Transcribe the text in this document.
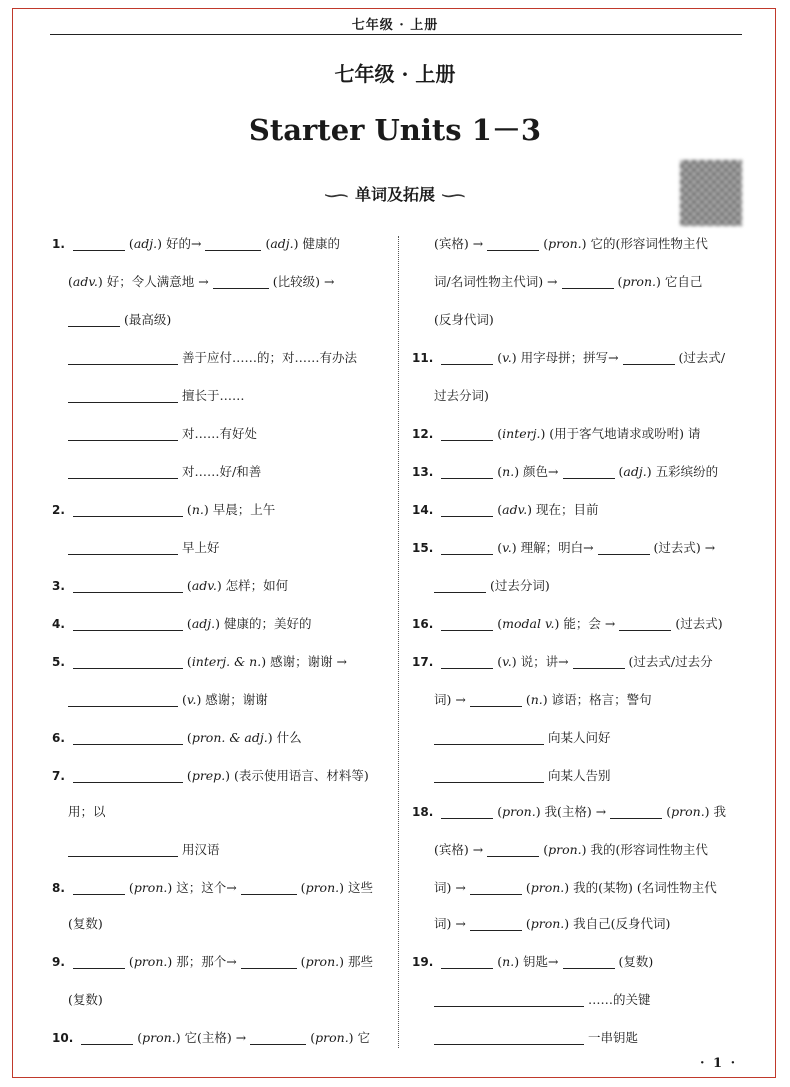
七年级 · 上册
七年级 · 上册
Starter Units 1－3
∽ 单词及拓展 ∽
1.	(adj.) 好的→	(adj.) 健康的
(adv.) 好；令人满意地 →	(比较级) →
(最高级)
善于应付……的；对……有办法
擅长于……
对……有好处
对……好/和善
2.	(n.) 早晨；上午
早上好
3.	(adv.) 怎样；如何
4.	(adj.) 健康的；美好的
5.	(interj. & n.) 感谢；谢谢 →
(v.) 感谢；谢谢
6.	(pron. & adj.) 什么
7.	(prep.) (表示使用语言、材料等)
用；以
用汉语
8.	(pron.) 这；这个→	(pron.) 这些
(复数)
9.	(pron.) 那；那个→	(pron.) 那些
(复数)
10.	(pron.) 它(主格) →	(pron.) 它
(宾格) →	(pron.) 它的(形容词性物主代
词/名词性物主代词) →	(pron.) 它自己
(反身代词)
11.	(v.) 用字母拼；拼写→	(过去式/
过去分词)
12.	(interj.) (用于客气地请求或吩咐) 请
13.	(n.) 颜色→	(adj.) 五彩缤纷的
14.	(adv.) 现在；目前
15.	(v.) 理解；明白→	(过去式) →
(过去分词)
16.	(modal v.) 能；会 →	(过去式)
17.	(v.) 说；讲→	(过去式/过去分
词) →	(n.) 谚语；格言；警句
向某人问好
向某人告别
18.	(pron.) 我(主格) →	(pron.) 我
(宾格) →	(pron.) 我的(形容词性物主代
词) →	(pron.) 我的(某物) (名词性物主代
词) →	(pron.) 我自己(反身代词)
19.	(n.) 钥匙→	(复数)
……的关键
一串钥匙
· 1 ·
